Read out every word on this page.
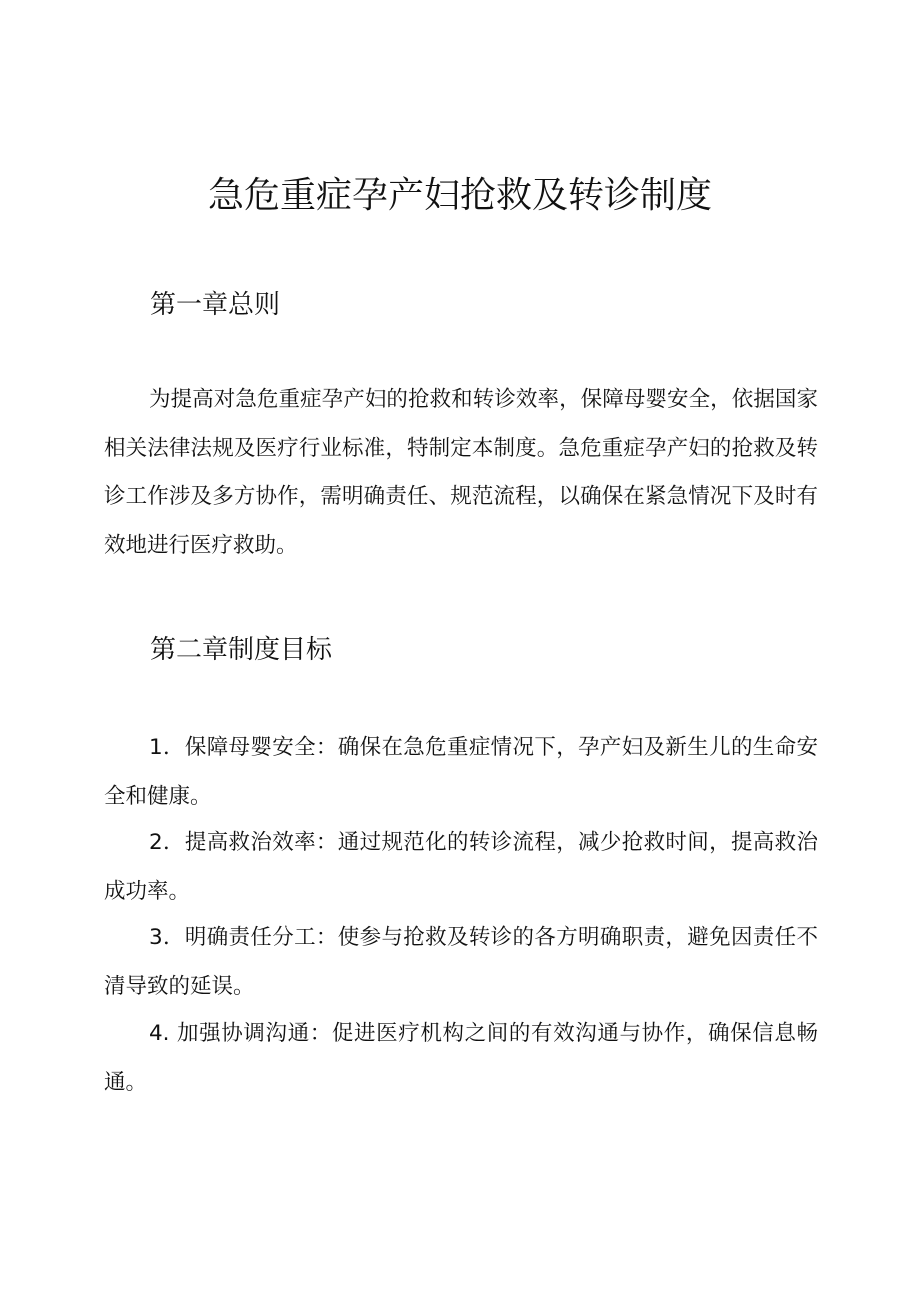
急危重症孕产妇抢救及转诊制度
第一章总则

为提高对急危重症孕产妇的抢救和转诊效率，保障母婴安全，依据国家相关法律法规及医疗行业标准，特制定本制度。急危重症孕产妇的抢救及转诊工作涉及多方协作，需明确责任、规范流程，以确保在紧急情况下及时有效地进行医疗救助。

第二章制度目标

1．保障母婴安全：确保在急危重症情况下，孕产妇及新生儿的生命安全和健康。

2．提高救治效率：通过规范化的转诊流程，减少抢救时间，提高救治成功率。

3．明确责任分工：使参与抢救及转诊的各方明确职责，避免因责任不清导致的延误。

4. 加强协调沟通：促进医疗机构之间的有效沟通与协作，确保信息畅通。
